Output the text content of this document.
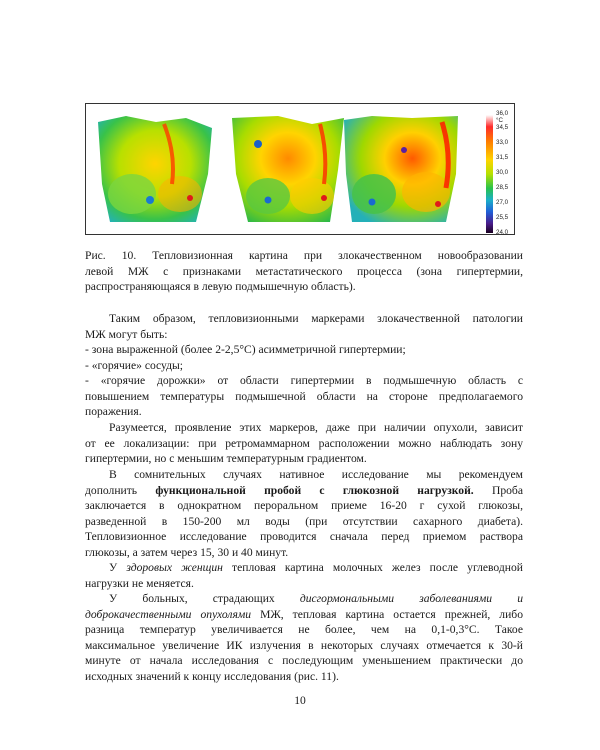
36,0
°C
34,5
33,0
31,5
30,0
28,5
27,0
25,5
24,0
Рис. 10. Тепловизионная картина при злокачественном новообразовании
левой МЖ с признаками метастатического процесса (зона гипертермии,
распространяющаяся в левую подмышечную область).
Таким образом, тепловизионными маркерами злокачественной патологии
МЖ могут быть:
- зона выраженной (более 2-2,5°С) асимметричной гипертермии;
- «горячие» сосуды;
- «горячие дорожки» от области гипертермии в подмышечную область с
повышением температуры подмышечной области на стороне предполагаемого
поражения.
Разумеется, проявление этих маркеров, даже при наличии опухоли, зависит
от ее локализации: при ретромаммарном расположении можно наблюдать зону
гипертермии, но с меньшим температурным градиентом.
В сомнительных случаях нативное исследование мы рекомендуем
дополнить функциональной пробой с глюкозной нагрузкой. Проба
заключается в однократном пероральном приеме 16-20 г сухой глюкозы,
разведенной в 150-200 мл воды (при отсутствии сахарного диабета).
Тепловизионное исследование проводится сначала перед приемом раствора
глюкозы, а затем через 15, 30 и 40 минут.
У здоровых женщин тепловая картина молочных желез после углеводной
нагрузки не меняется.
У больных, страдающих дисгормональными заболеваниями и
доброкачественными опухолями МЖ, тепловая картина остается прежней, либо
разница температур увеличивается не более, чем на 0,1-0,3°С. Такое
максимальное увеличение ИК излучения в некоторых случаях отмечается к 30-й
минуте от начала исследования с последующим уменьшением практически до
исходных значений к концу исследования (рис. 11).
10
